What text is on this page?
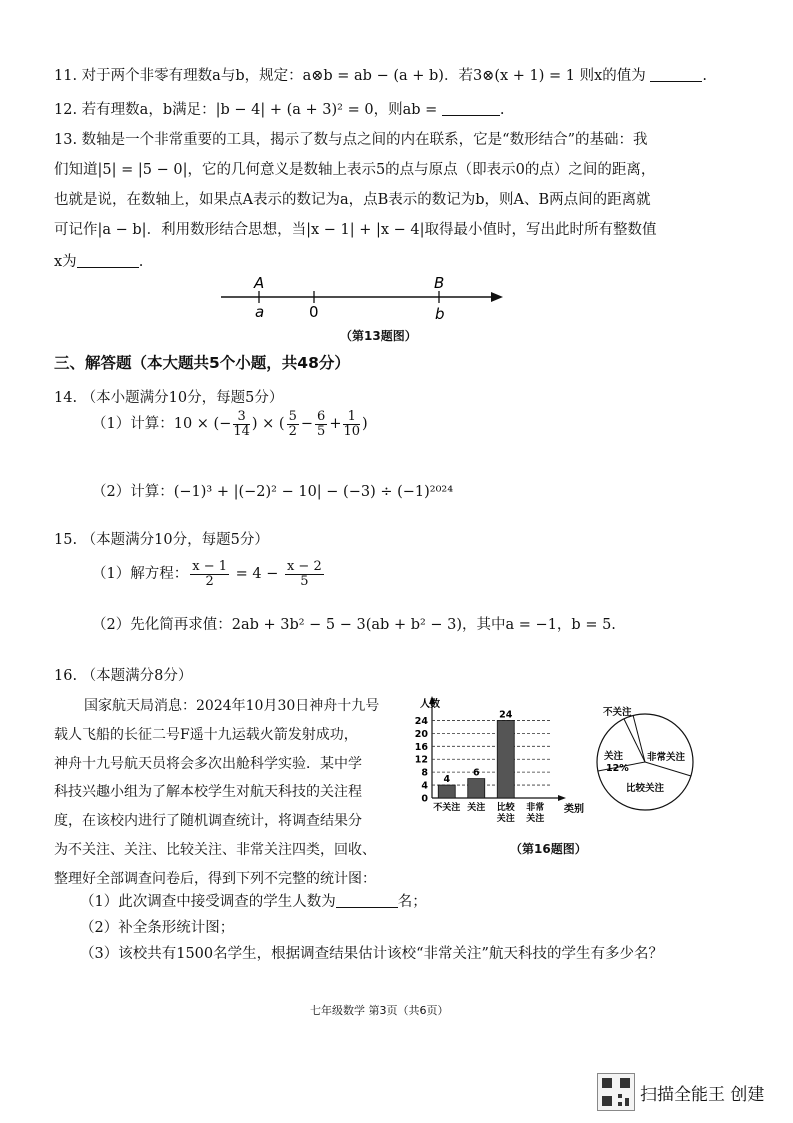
11. 对于两个非零有理数a与b，规定：a⊗b = ab − (a + b)．若3⊗(x + 1) = 1 则x的值为	.
12. 若有理数a，b满足：|b − 4| + (a + 3)² = 0，则ab =	.
13. 数轴是一个非常重要的工具，揭示了数与点之间的内在联系，它是“数形结合”的基础：我
们知道|5| = |5 − 0|，它的几何意义是数轴上表示5的点与原点（即表示0的点）之间的距离，
也就是说，在数轴上，如果点A表示的数记为a，点B表示的数记为b，则A、B两点间的距离就
可记作|a − b|．利用数形结合思想，当|x − 1| + |x − 4|取得最小值时，写出此时所有整数值
x为	.
A	B
a	0	b
（第13题图）
三、解答题（本大题共5个小题，共48分）
14. （本小题满分10分，每题5分）
（1）计算：10 × (− $\frac{3}{14}$ ) × ( $\frac{5}{2} - \frac{6}{5} + \frac{1}{10}$ )
（2）计算：(−1)³ + |(−2)² − 10| − (−3) ÷ (−1)²⁰²⁴
15. （本题满分10分，每题5分）
（1）解方程： $\frac{x - 1}{2} = 4 - \frac{x - 2}{5}$
（2）先化简再求值：2ab + 3b² − 5 − 3(ab + b² − 3)，其中a = −1，b = 5.
16. （本题满分8分）
国家航天局消息：2024年10月30日神舟十九号
载人飞船的长征二号F遥十九运载火箭发射成功，
神舟十九号航天员将会多次出舱科学实验．某中学
科技兴趣小组为了解本校学生对航天科技的关注程
度，在该校内进行了随机调查统计，将调查结果分
为不关注、关注、比较关注、非常关注四类，回收、
整理好全部调查问卷后，得到下列不完整的统计图：
人数
类别
0
4
8
12
16
20
24
4
不关注
6
关注
24
比较
关注
非常
关注
不关注
非常关注
关注
12%
比较关注
（第16题图）
（1）此次调查中接受调查的学生人数为	名；
（2）补全条形统计图；
（3）该校共有1500名学生，根据调查结果估计该校“非常关注”航天科技的学生有多少名？
七年级数学 第3页（共6页）
扫描全能王 创建
